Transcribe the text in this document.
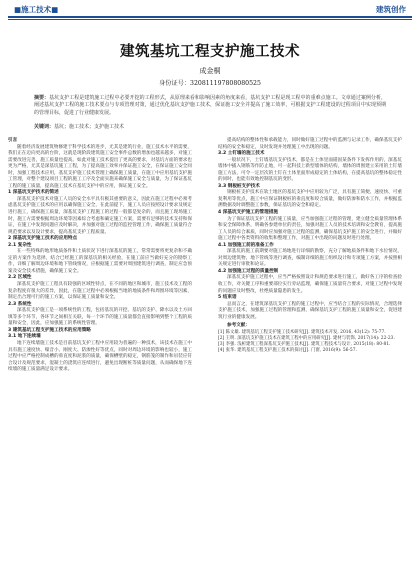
■施工技术■	建筑创作
建筑基坑工程支护施工技术
成金桐
身份证号：320811197808080525
摘要：基坑支护工程是建筑施工过程中必要开挖的工程形式，从原理来看和影响因素的角度来看，基坑支护工程是现工程中的重难点施工。文章通过案例分析，阐述基坑支护工程的施工技术要点与专项管理对策，通过优化基坑支护施工技术，保证施工安全并提高了施工效率，可根据支护工程建设的过程项目中实现预期的管理目标，促进了行业健康发展。
关键词：基坑；施工技术；支护施工技术

引言

随着经济发展建筑物修建于科学技术的进步，尤其是建筑行业，施工技术水平的需要，我们正在迈向更高的台阶，这就是现阶段建筑施工安全事件总数的增加也越来越多，对施工需要改进完善，施工质量也提高。如此对施工技术提出了更高的要求，对基坑方面的要求也更为严格，尤其是深基坑施工工程，为了提高施工效率并保证施工安全，在保证施工安全同时，加强工程技术应用，基坑支护施工技术管理上确保施工质量，在施工中应用基坑支护施工管理，对整个建设项目工程的施工工序及全面实施来确保施工安全与质量，为了保证基坑工程的施工质量，提高施工技术在基坑支护中的应用，保证施工安全。

1 深基坑支护技术的简述

深基坑支护技术对施工人员的安全水平具有极其重要的意义，因此在施工过程中必须考虑基坑支护施工技术的应用以确保施工安全，在此前提下，施工人员应按照设计要求及规定进行施工，确保施工质量，深基坑支护工程施工的过程一般都是复杂的，而且施工现场施工时，施工方需要根据周边环境等因素综合考虑和确定施工方案，需要有足够的技术支持和保证，在施工中发现问题应及时解决，并加强对施工过程的监控管理工作，确保施工质量符合规范要求以及设计要求，提高基坑支护工程质量。

2 深基坑支护施工技术的应用特点

2.1 复杂性

在一些特殊的地形地质条件和土质状况下进行深基坑的施工，常常需要将更复杂和不确定的方案作为选择，结合已经施工的深基坑的相关经验，在施工前应当做好充分的勘察工作，详细了解周边环境和地下管线情况，应根据施工需要对周围建筑进行调查，制定应急预案及安全技术措施，确保施工安全。

2.2 区域性

深基坑支护施工工程具有较强的区域性特点，在不同的地区和城市，施工技术及工程的复杂程度有很大的差异，因此，在施工过程中必须根据当地的地质条件和周围环境等因素，制定出合理可行的施工方案，以保证施工质量和安全。

2.3 系统性

深基坑支护施工是一项系统性的工程，包括基坑的开挖、基坑的支护、降水以及土方回填等多个环节，各环节之间相互关联，每一个环节的施工质量都会直接影响到整个工程的质量和安全，因此，应加强施工的系统性管理。

3 建筑基坑工程支护施工技术的应用策略

3.1 地下连续墙

地下连续墙施工技术是目前基坑支护工程中应用较为普遍的一种技术，该技术在施工中具有施工速度快、噪音小、刚度大、防渗性好等优点，同时对周边环境的影响也较小，施工过程中应严格控制成槽的垂直度和泥浆的质量，确保槽壁的稳定，钢筋笼的制作和吊装应符合设计及规范要求，混凝土的浇筑应连续进行，避免出现断桩等质量问题，从而确保地下连续墙的施工质量满足设计要求。

提高结构的整体性和承载能力，同时做好施工过程中的监测与记录工作，确保基坑支护结构的安全和稳定，及时发现并处理施工中出现的问题。

3.2 土钉墙的施工技术

一般状况下，土钉墙基坑支护技术，都是在土体里面锚固某条件下发挥作用的，深基坑墙体中插入钢筋等作防止地，可一起科技上新型墙体的结构，墙体的周围建立采用的土钉墙施工方法，可令一定层次的土钉在土体里面形成稳定的土体结构，在提高基坑的整体稳定性的同时，也能有效地控制基坑的变形。

3.3 钢板桩支护技术

钢板桩支护技术在软土地区的基坑支护中应用较为广泛，具有施工简便、速度快、可重复利用等优点，施工中应保证钢板桩的垂直度和咬合质量，做好防渗和防水工作，并根据监测数据及时调整施工参数，保证基坑的安全和稳定。

4 深基坑支护施工的管理措施

为了保证基坑支护工程的施工质量，应当加强施工过程的管理，建立健全质量管理体系和安全保障体系，明确各参建单位的责任，加强对施工人员的技术培训和安全教育，提高施工人员的综合素质，同时应加强对施工过程的监测，确保基坑支护施工的安全进行，并做好施工过程中各类资料的收集和整理工作，对施工中出现的问题及时进行处理。

4.1 加强施工前的准备工作

深基坑的施工前期要对施工场地进行详细的勘察，充分了解地质条件和地下水位情况，对周边建筑物、地下管线等进行调查，编制详细的施工组织设计和专项施工方案，并按照相关规定进行审批和论证。

4.2 加强施工过程的质量控制

深基坑支护施工过程中，应当严格按照设计和规范要求进行施工，做好各工序的检查验收工作，对关键工序和重要部位实行旁站监理，确保施工质量符合要求，对施工过程中发现的问题应及时整改，杜绝质量隐患的发生。

5 结束语

总而言之，在建筑深基坑支护工程的施工过程中，应当结合工程的实际情况，合理选择支护施工技术，加强施工过程的管理和监测，确保基坑支护工程的施工质量和安全，促进建筑行业的健康发展。

参考文献：

[1] 陈文雄. 建筑基坑工程支护施工技术研究[J]. 建筑技术开发, 2016, 43(12): 75-77.

[2] 王明. 深基坑支护施工技术在建筑工程中的应用研究[J]. 建材与装饰, 2017(14): 22-23.

[3] 李强. 浅析建筑工程深基坑支护施工技术[J]. 建筑工程技术与设计, 2015(18): 80-81.

[4] 张华. 建筑基坑工程支护施工技术的探讨[J]. 门窗, 2016(9): 56-57.
